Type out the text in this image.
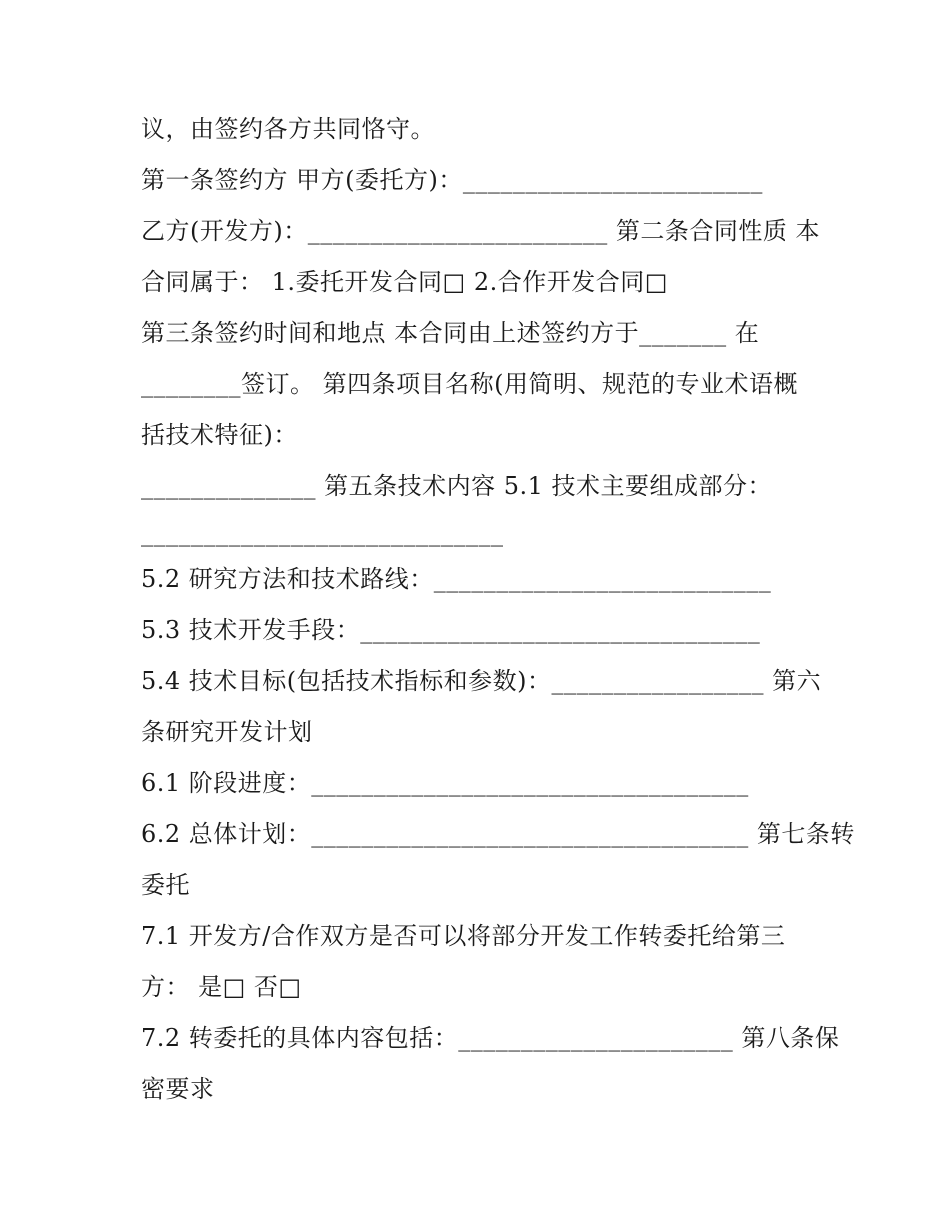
议，由签约各方共同恪守。
第一条签约方 甲方(委托方)：________________________
乙方(开发方)：________________________ 第二条合同性质 本
合同属于： 1.委托开发合同□ 2.合作开发合同□
第三条签约时间和地点 本合同由上述签约方于_______ 在
________签订。 第四条项目名称(用简明、规范的专业术语概
括技术特征)：
______________ 第五条技术内容 5.1 技术主要组成部分：
_____________________________
5.2 研究方法和技术路线：___________________________
5.3 技术开发手段：________________________________
5.4 技术目标(包括技术指标和参数)：_________________ 第六
条研究开发计划
6.1 阶段进度：___________________________________
6.2 总体计划：___________________________________ 第七条转
委托
7.1 开发方/合作双方是否可以将部分开发工作转委托给第三
方： 是□ 否□
7.2 转委托的具体内容包括：______________________ 第八条保
密要求
